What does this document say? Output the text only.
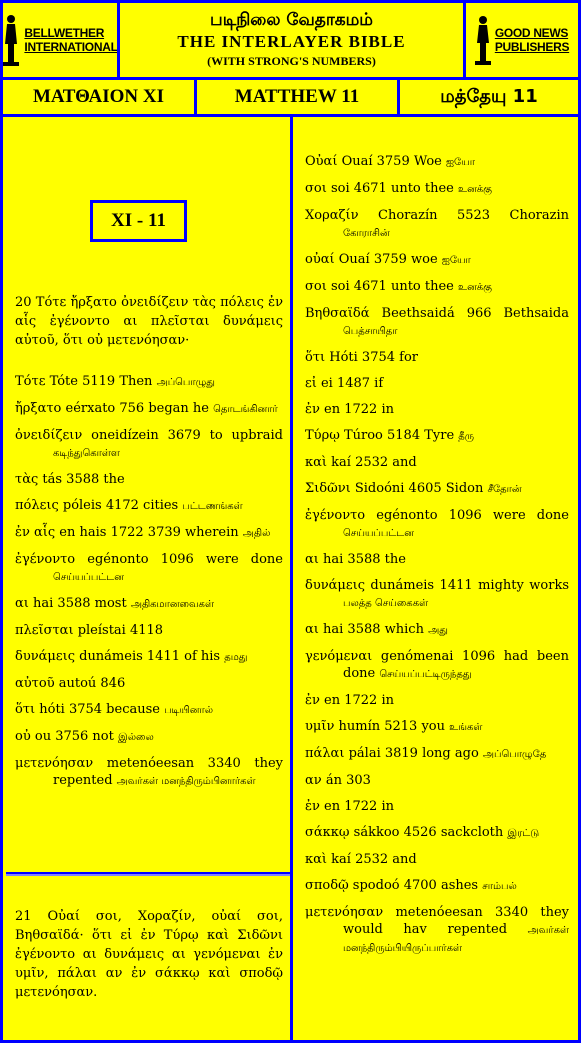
BELLWETHER
INTERNATIONAL
படிநிலை வேதாகமம்
THE INTERLAYER BIBLE
(WITH STRONG'S NUMBERS)
GOOD NEWS
PUBLISHERS
ΜΑΤΘΑΙΟΝ XI	MATTHEW 11	மத்தேயு 11
XI - 11
20 Τότε ἤρξατο ὀνειδίζειν τὰς πόλεις ἐν αἷς ἐγένοντο αι πλεῖσται δυνάμεις αὐτοῦ, ὅτι οὐ μετενόησαν·
Τότε Tóte 5119 Then அப்பொழுது
ἤρξατο eérxato 756 began he தொடங்கினார்
ὀνειδίζειν oneidízein 3679 to upbraid கடிந்துகொள்ள
τὰς tás 3588 the
πόλεις póleis 4172 cities பட்டணங்கள்
ἐν αἷς en hais 1722 3739 wherein அதில்
ἐγένοντο egénonto 1096 were done செய்யப்பட்டன
αι hai 3588 most அதிகமானவைகள்
πλεῖσται pleístai 4118
δυνάμεις dunámeis 1411 of his தமது
αὐτοῦ autoú 846
ὅτι hóti 3754 because படியினால்
οὐ ou 3756 not இல்லை
μετενόησαν metenóeesan 3340 they repented அவர்கள் மனந்திரும்பினார்கள்
21 Οὐαί σοι, Χοραζίν, οὐαί σοι, Βηθσαϊδά· ὅτι εἰ ἐν Τύρῳ καὶ Σιδῶνι ἐγένοντο αι δυνάμεις αι γενόμεναι ἐν υμῖν, πάλαι αν ἐν σάκκῳ καὶ σποδῷ μετενόησαν.
Οὐαί Ouaí 3759 Woe ஐயோ
σοι soi 4671 unto thee உனக்கு
Χοραζίν Chorazín 5523 Chorazin கோராசின்
οὐαί Ouaí 3759 woe ஐயோ
σοι soi 4671 unto thee உனக்கு
Βηθσαϊδά Beethsaidá 966 Bethsaida பெத்சாயிதா
ὅτι Hóti 3754 for
εἰ ei 1487 if
ἐν en 1722 in
Τύρῳ Túroo 5184 Tyre தீரு
καὶ kaí 2532 and
Σιδῶνι Sidoóni 4605 Sidon சீதோன்
ἐγένοντο egénonto 1096 were done செய்யப்பட்டன
αι hai 3588 the
δυνάμεις dunámeis 1411 mighty works பலத்த செய்கைகள்
αι hai 3588 which அது
γενόμεναι genómenai 1096 had been done செய்யப்பட்டிருந்தது
ἐν en 1722 in
υμῖν humín 5213 you உங்கள்
πάλαι pálai 3819 long ago அப்பொழுதே
αν án 303
ἐν en 1722 in
σάκκῳ sákkoo 4526 sackcloth இரட்டு
καὶ kaí 2532 and
σποδῷ spodoó 4700 ashes சாம்பல்
μετενόησαν metenóeesan 3340 they would hav repented அவர்கள் மனந்திரும்பியிருப்பார்கள்
